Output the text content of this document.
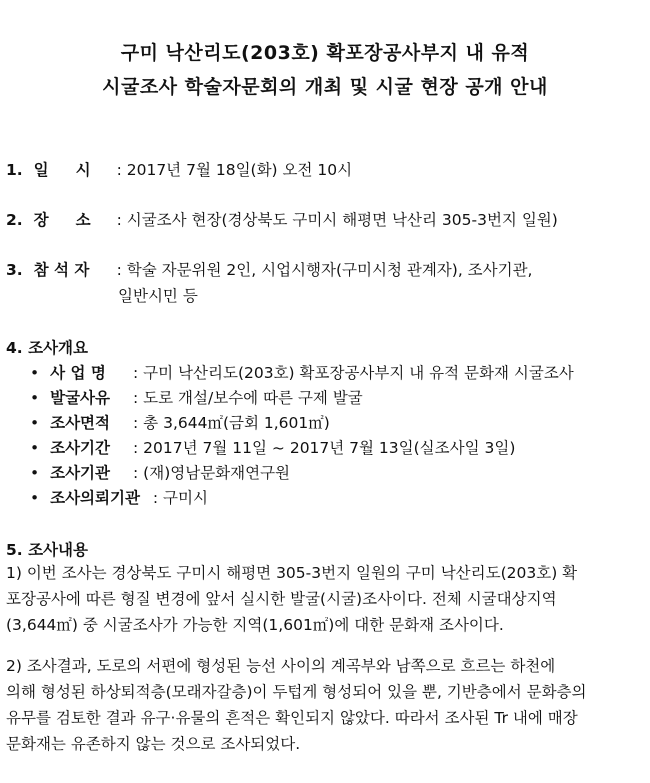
구미 낙산리도(203호) 확포장공사부지 내 유적
시굴조사 학술자문회의 개최 및 시굴 현장 공개 안내
1. 일     시 : 2017년 7월 18일(화) 오전 10시
2. 장     소 : 시굴조사 현장(경상북도 구미시 해평면 낙산리 305-3번지 일원)
3. 참 석 자 : 학술 자문위원 2인, 시업시행자(구미시청 관계자), 조사기관,
일반시민 등
4. 조사개요
• 사 업 명 : 구미 낙산리도(203호) 확포장공사부지 내 유적 문화재 시굴조사
• 발굴사유 : 도로 개설/보수에 따른 구제 발굴
• 조사면적 : 총 3,644㎡(금회 1,601㎡)
• 조사기간 : 2017년 7월 11일 ~ 2017년 7월 13일(실조사일 3일)
• 조사기관 : (재)영남문화재연구원
• 조사의뢰기관 : 구미시
5. 조사내용
1) 이번 조사는 경상북도 구미시 해평면 305-3번지 일원의 구미 낙산리도(203호) 확
포장공사에 따른 형질 변경에 앞서 실시한 발굴(시굴)조사이다. 전체 시굴대상지역
(3,644㎡) 중 시굴조사가 가능한 지역(1,601㎡)에 대한 문화재 조사이다.
2) 조사결과, 도로의 서편에 형성된 능선 사이의 계곡부와 남쪽으로 흐르는 하천에
의해 형성된 하상퇴적층(모래자갈층)이 두텁게 형성되어 있을 뿐, 기반층에서 문화층의
유무를 검토한 결과 유구·유물의 흔적은 확인되지 않았다. 따라서 조사된 Tr 내에 매장
문화재는 유존하지 않는 것으로 조사되었다.
